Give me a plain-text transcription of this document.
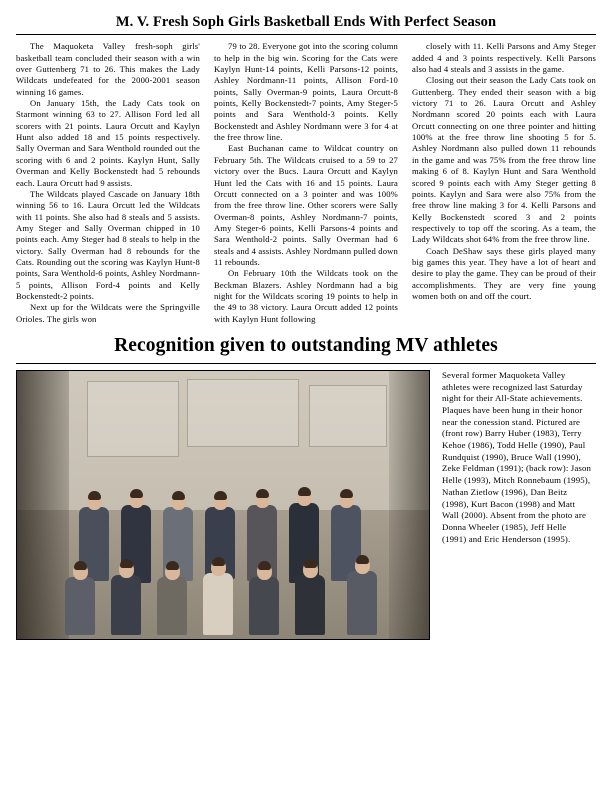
M. V. Fresh Soph Girls Basketball Ends With Perfect Season

The Maquoketa Valley fresh-soph girls' basketball team concluded their season with a win over Guttenberg 71 to 26. This makes the Lady Wildcats undefeated for the 2000-2001 season winning 16 games.

On January 15th, the Lady Cats took on Starmont winning 63 to 27. Allison Ford led all scorers with 21 points. Laura Orcutt and Kaylyn Hunt also added 18 and 15 points respectively. Sally Overman and Sara Wenthold rounded out the scoring with 6 and 2 points. Kaylyn Hunt, Sally Overman and Kelly Bockenstedt had 5 rebounds each. Laura Orcutt had 9 assists.

The Wildcats played Cascade on January 18th winning 56 to 16. Laura Orcutt led the Wildcats with 11 points. She also had 8 steals and 5 assists. Amy Steger and Sally Overman chipped in 10 points each. Amy Steger had 8 steals to help in the victory. Sally Overman had 8 rebounds for the Cats. Rounding out the scoring was Kaylyn Hunt-8 points, Sara Wenthold-6 points, Ashley Nordmann-5 points, Allison Ford-4 points and Kelly Bockenstedt-2 points.

Next up for the Wildcats were the Springville Orioles. The girls won

79 to 28. Everyone got into the scoring column to help in the big win. Scoring for the Cats were Kaylyn Hunt-14 points, Kelli Parsons-12 points, Ashley Nordmann-11 points, Allison Ford-10 points, Sally Overman-9 points, Laura Orcutt-8 points, Kelly Bockenstedt-7 points, Amy Steger-5 points and Sara Wenthold-3 points. Kelly Bockenstedt and Ashley Nordmann were 3 for 4 at the free throw line.

East Buchanan came to Wildcat country on February 5th. The Wildcats cruised to a 59 to 27 victory over the Bucs. Laura Orcutt and Kaylyn Hunt led the Cats with 16 and 15 points. Laura Orcutt connected on a 3 pointer and was 100% from the free throw line. Other scorers were Sally Overman-8 points, Ashley Nordmann-7 points, Amy Steger-6 points, Kelli Parsons-4 points and Sara Wenthold-2 points. Sally Overman had 6 steals and 4 assists. Ashley Nordmann pulled down 11 rebounds.

On February 10th the Wildcats took on the Beckman Blazers. Ashley Nordmann had a big night for the Wildcats scoring 19 points to help in the 49 to 38 victory. Laura Orcutt added 12 points with Kaylyn Hunt following

closely with 11. Kelli Parsons and Amy Steger added 4 and 3 points respectively. Kelli Parsons also had 4 steals and 3 assists in the game.

Closing out their season the Lady Cats took on Guttenberg. They ended their season with a big victory 71 to 26. Laura Orcutt and Ashley Nordmann scored 20 points each with Laura Orcutt connecting on one three pointer and hitting 100% at the free throw line shooting 5 for 5. Ashley Nordmann also pulled down 11 rebounds in the game and was 75% from the free throw line making 6 of 8. Kaylyn Hunt and Sara Wenthold scored 9 points each with Amy Steger getting 8 points. Kaylyn and Sara were also 75% from the free throw line making 3 for 4. Kelli Parsons and Kelly Bockenstedt scored 3 and 2 points respectively to top off the scoring. As a team, the Lady Wildcats shot 64% from the free throw line.

Coach DeShaw says these girls played many big games this year. They have a lot of heart and desire to play the game. They can be proud of their accomplishments. They are very fine young women both on and off the court.

Recognition given to outstanding MV athletes

Several former Maquoketa Valley athletes were recognized last Saturday night for their All-State achievements. Plaques have been hung in their honor near the conession stand. Pictured are (front row) Barry Huber (1983), Terry Kehoe (1986), Todd Helle (1990), Paul Rundquist (1990), Bruce Wall (1990), Zeke Feldman (1991); (back row): Jason Helle (1993), Mitch Ronnebaum (1995), Nathan Zietlow (1996), Dan Beitz (1998), Kurt Bacon (1998) and Matt Wall (2000). Absent from the photo are Donna Wheeler (1985), Jeff Helle (1991) and Eric Henderson (1995).
